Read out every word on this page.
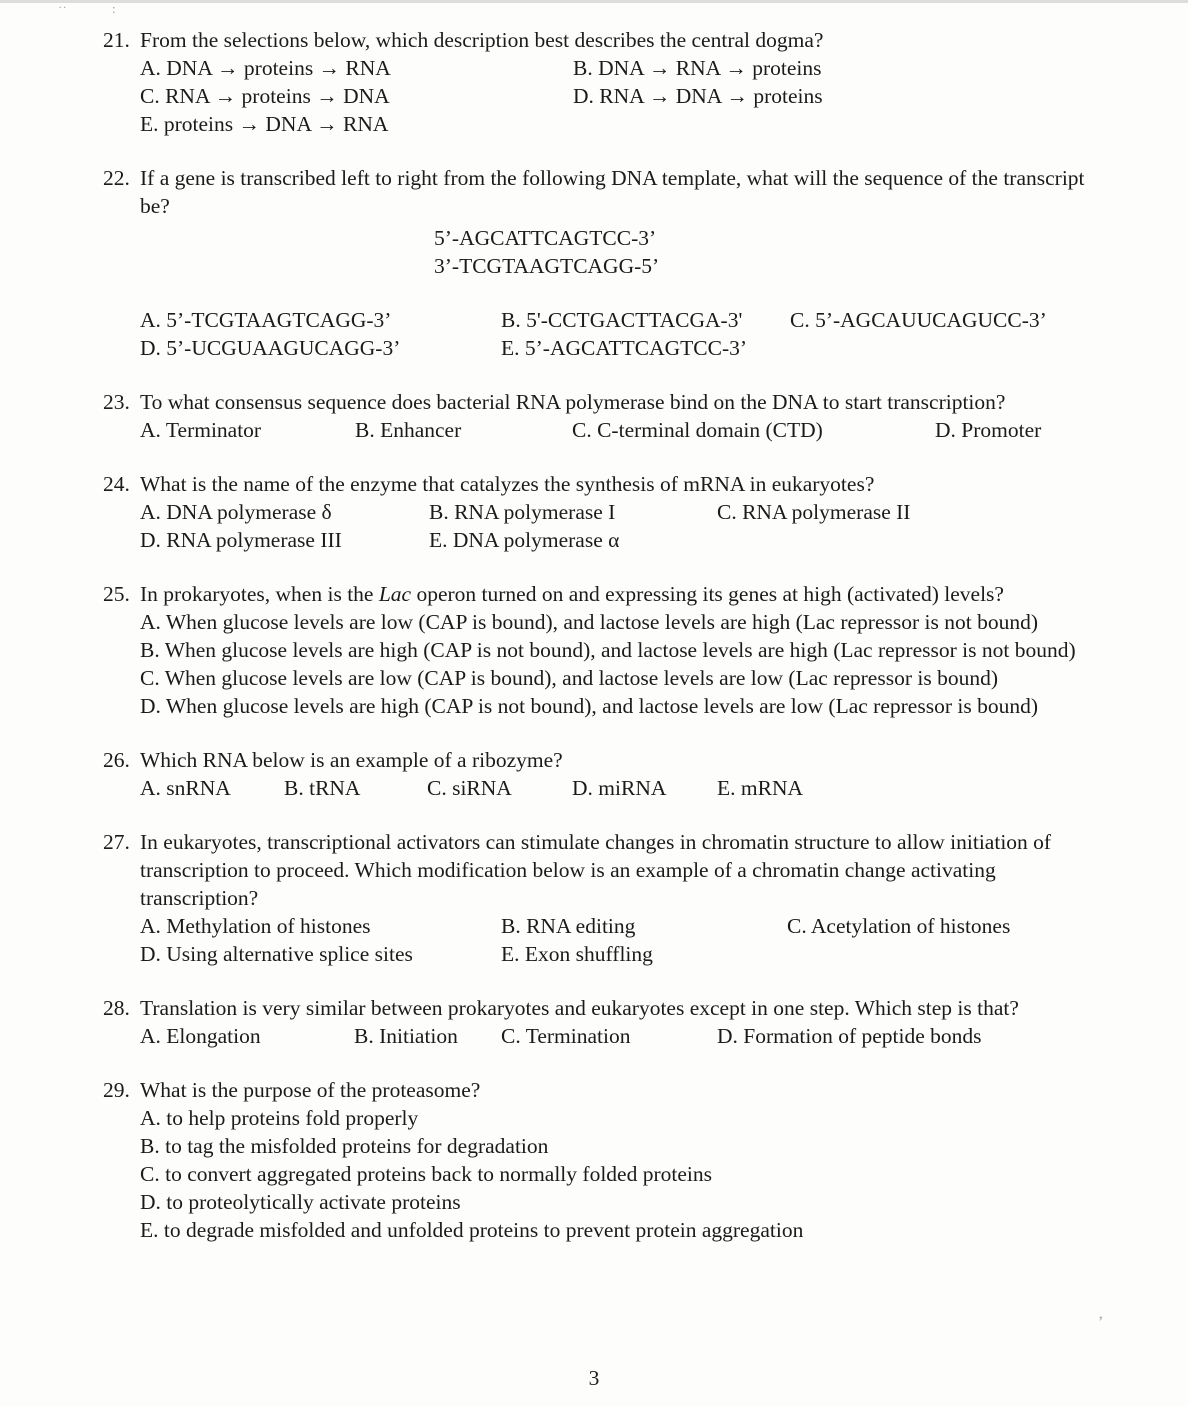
˙˙	:
’
21. From the selections below, which description best describes the central dogma?
A. DNA → proteins → RNA	B. DNA → RNA → proteins
C. RNA → proteins → DNA	D. RNA → DNA → proteins
E. proteins → DNA → RNA
22. If a gene is transcribed left to right from the following DNA template, what will the sequence of the transcript be?
5’-AGCATTCAGTCC-3’
3’-TCGTAAGTCAGG-5’
A. 5’-TCGTAAGTCAGG-3’	B. 5'-CCTGACTTACGA-3'	C. 5’-AGCAUUCAGUCC-3’
D. 5’-UCGUAAGUCAGG-3’	E. 5’-AGCATTCAGTCC-3’
23. To what consensus sequence does bacterial RNA polymerase bind on the DNA to start transcription?
A. Terminator	B. Enhancer	C. C-terminal domain (CTD)	D. Promoter
24. What is the name of the enzyme that catalyzes the synthesis of mRNA in eukaryotes?
A. DNA polymerase δ	B. RNA polymerase I	C. RNA polymerase II
D. RNA polymerase III	E. DNA polymerase α
25. In prokaryotes, when is the Lac operon turned on and expressing its genes at high (activated) levels?
A. When glucose levels are low (CAP is bound), and lactose levels are high (Lac repressor is not bound)
B. When glucose levels are high (CAP is not bound), and lactose levels are high (Lac repressor is not bound)
C. When glucose levels are low (CAP is bound), and lactose levels are low (Lac repressor is bound)
D. When glucose levels are high (CAP is not bound), and lactose levels are low (Lac repressor is bound)
26. Which RNA below is an example of a ribozyme?
A. snRNA	B. tRNA	C. siRNA	D. miRNA	E. mRNA
27. In eukaryotes, transcriptional activators can stimulate changes in chromatin structure to allow initiation of transcription to proceed. Which modification below is an example of a chromatin change activating transcription?
A. Methylation of histones	B. RNA editing	C. Acetylation of histones
D. Using alternative splice sites	E. Exon shuffling
28. Translation is very similar between prokaryotes and eukaryotes except in one step. Which step is that?
A. Elongation	B. Initiation	C. Termination	D. Formation of peptide bonds
29. What is the purpose of the proteasome?
A. to help proteins fold properly
B. to tag the misfolded proteins for degradation
C. to convert aggregated proteins back to normally folded proteins
D. to proteolytically activate proteins
E. to degrade misfolded and unfolded proteins to prevent protein aggregation
3
